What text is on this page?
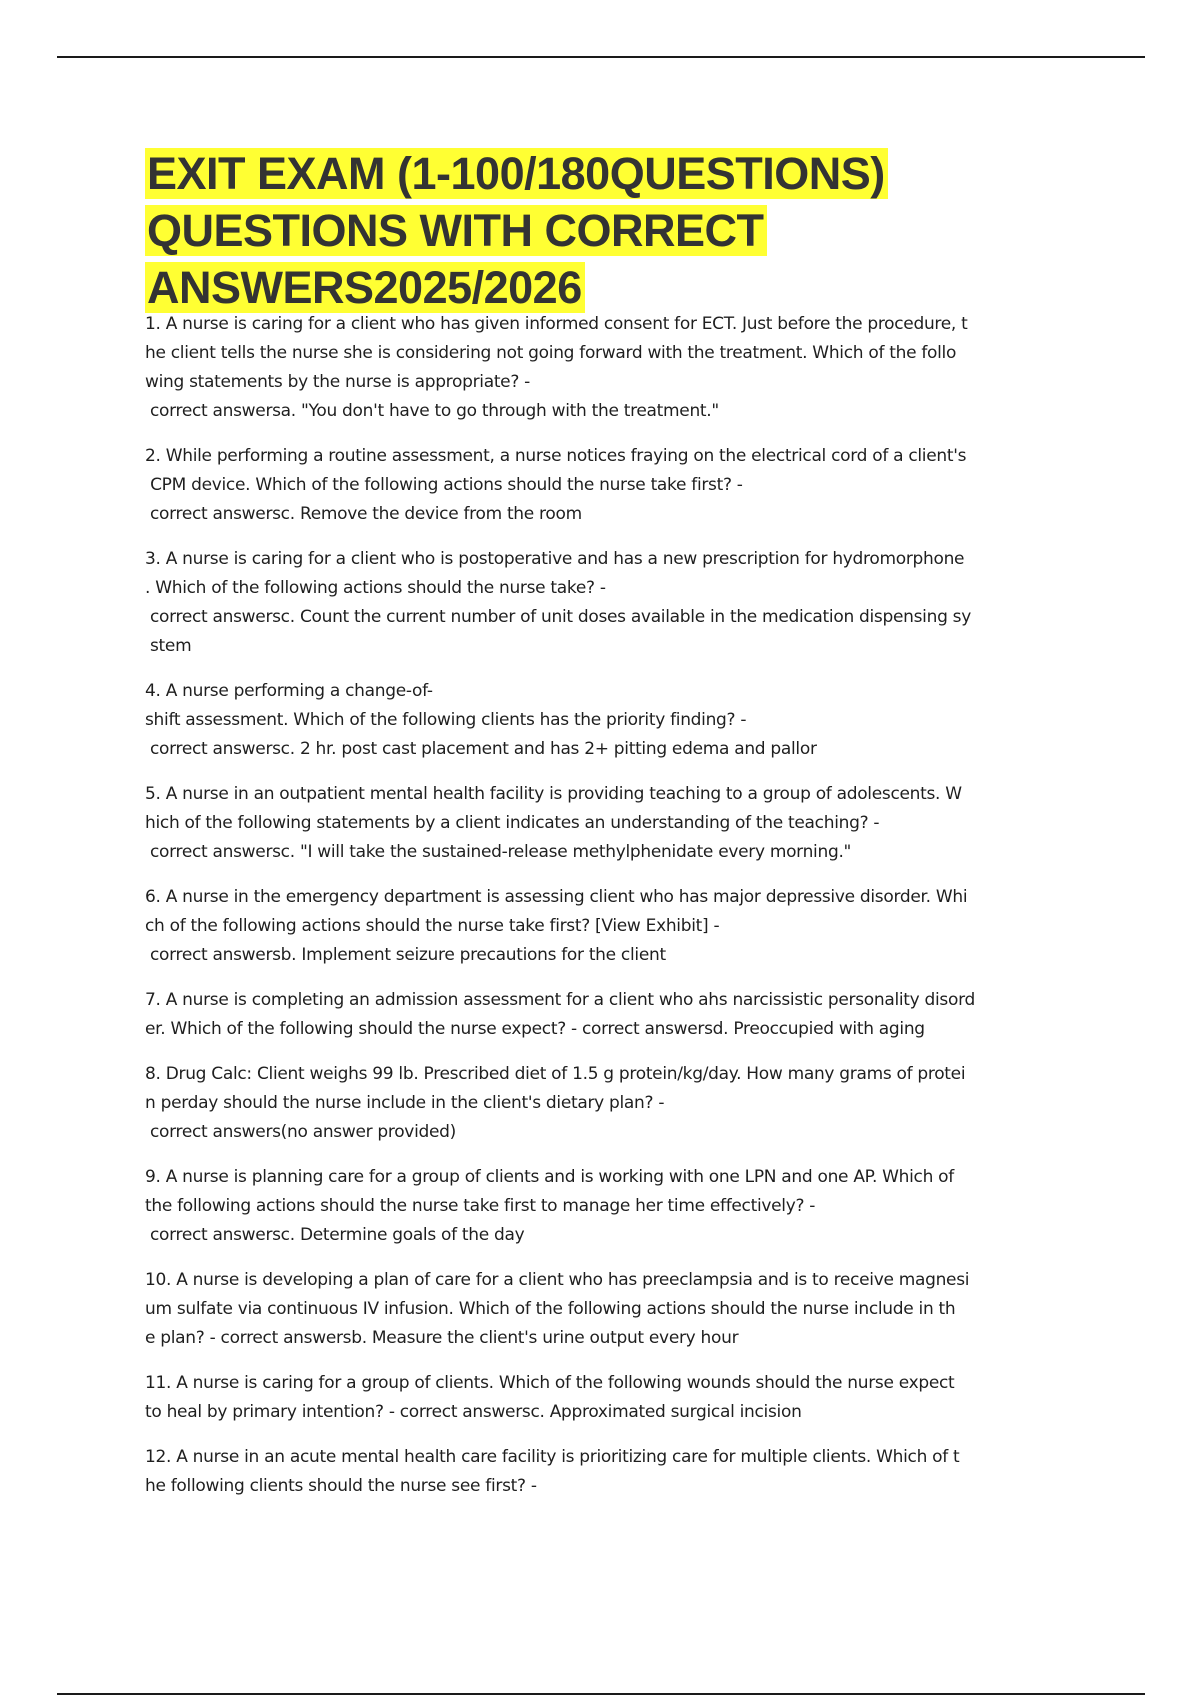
EXIT EXAM (1-100/180QUESTIONS)
QUESTIONS WITH CORRECT
ANSWERS2025/2026
1. A nurse is caring for a client who has given informed consent for ECT. Just before the procedure, t
he client tells the nurse she is considering not going forward with the treatment. Which of the follo
wing statements by the nurse is appropriate? -
correct answersa. "You don't have to go through with the treatment."
2. While performing a routine assessment, a nurse notices fraying on the electrical cord of a client's
CPM device. Which of the following actions should the nurse take first? -
correct answersc. Remove the device from the room
3. A nurse is caring for a client who is postoperative and has a new prescription for hydromorphone
. Which of the following actions should the nurse take? -
correct answersc. Count the current number of unit doses available in the medication dispensing sy
stem
4. A nurse performing a change-of-
shift assessment. Which of the following clients has the priority finding? -
correct answersc. 2 hr. post cast placement and has 2+ pitting edema and pallor
5. A nurse in an outpatient mental health facility is providing teaching to a group of adolescents. W
hich of the following statements by a client indicates an understanding of the teaching? -
correct answersc. "I will take the sustained-release methylphenidate every morning."
6. A nurse in the emergency department is assessing client who has major depressive disorder. Whi
ch of the following actions should the nurse take first? [View Exhibit] -
correct answersb. Implement seizure precautions for the client
7. A nurse is completing an admission assessment for a client who ahs narcissistic personality disord
er. Which of the following should the nurse expect? - correct answersd. Preoccupied with aging
8. Drug Calc: Client weighs 99 lb. Prescribed diet of 1.5 g protein/kg/day. How many grams of protei
n perday should the nurse include in the client's dietary plan? -
correct answers(no answer provided)
9. A nurse is planning care for a group of clients and is working with one LPN and one AP. Which of
the following actions should the nurse take first to manage her time effectively? -
correct answersc. Determine goals of the day
10. A nurse is developing a plan of care for a client who has preeclampsia and is to receive magnesi
um sulfate via continuous IV infusion. Which of the following actions should the nurse include in th
e plan? - correct answersb. Measure the client's urine output every hour
11. A nurse is caring for a group of clients. Which of the following wounds should the nurse expect
to heal by primary intention? - correct answersc. Approximated surgical incision
12. A nurse in an acute mental health care facility is prioritizing care for multiple clients. Which of t
he following clients should the nurse see first? -
